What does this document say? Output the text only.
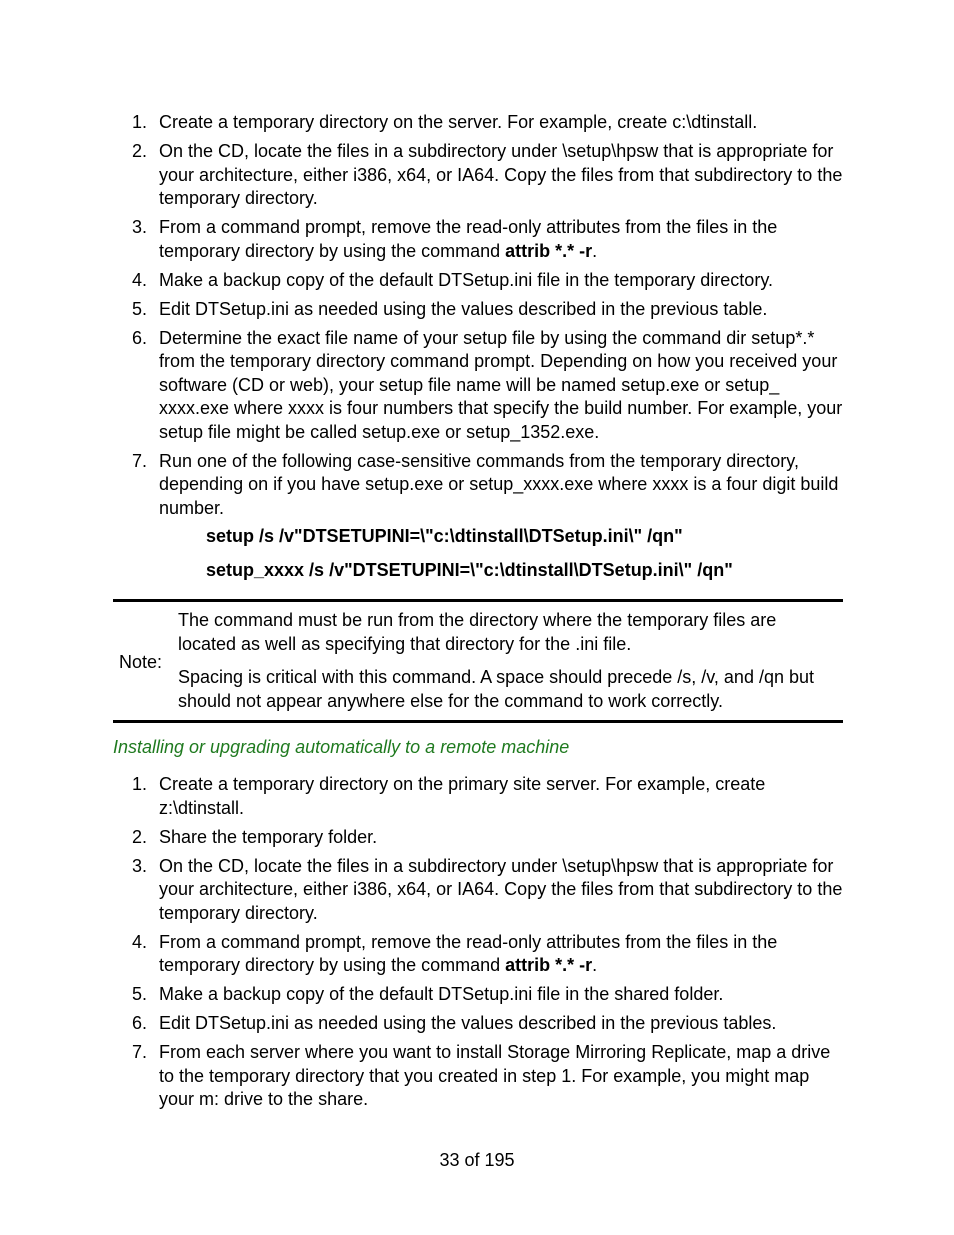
1. Create a temporary directory on the server. For example, create c:\dtinstall.
2. On the CD, locate the files in a subdirectory under \setup\hpsw that is appropriate for your architecture, either i386, x64, or IA64. Copy the files from that subdirectory to the temporary directory.
3. From a command prompt, remove the read-only attributes from the files in the temporary directory by using the command attrib *.* -r.
4. Make a backup copy of the default DTSetup.ini file in the temporary directory.
5. Edit DTSetup.ini as needed using the values described in the previous table.
6. Determine the exact file name of your setup file by using the command dir setup*.* from the temporary directory command prompt. Depending on how you received your software (CD or web), your setup file name will be named setup.exe or setup_ xxxx.exe where xxxx is four numbers that specify the build number. For example, your setup file might be called setup.exe or setup_1352.exe.
7. Run one of the following case-sensitive commands from the temporary directory, depending on if you have setup.exe or setup_xxxx.exe where xxxx is a four digit build number.

setup /s /v"DTSETUPINI=\"c:\dtinstall\DTSetup.ini\" /qn"

setup_xxxx /s /v"DTSETUPINI=\"c:\dtinstall\DTSetup.ini\" /qn"

Note:

The command must be run from the directory where the temporary files are located as well as specifying that directory for the .ini file.

Spacing is critical with this command. A space should precede /s, /v, and /qn but should not appear anywhere else for the command to work correctly.

Installing or upgrading automatically to a remote machine
1. Create a temporary directory on the primary site server. For example, create z:\dtinstall.
2. Share the temporary folder.
3. On the CD, locate the files in a subdirectory under \setup\hpsw that is appropriate for your architecture, either i386, x64, or IA64. Copy the files from that subdirectory to the temporary directory.
4. From a command prompt, remove the read-only attributes from the files in the temporary directory by using the command attrib *.* -r.
5. Make a backup copy of the default DTSetup.ini file in the shared folder.
6. Edit DTSetup.ini as needed using the values described in the previous tables.
7. From each server where you want to install Storage Mirroring Replicate, map a drive to the temporary directory that you created in step 1. For example, you might map your m: drive to the share.
33 of 195
